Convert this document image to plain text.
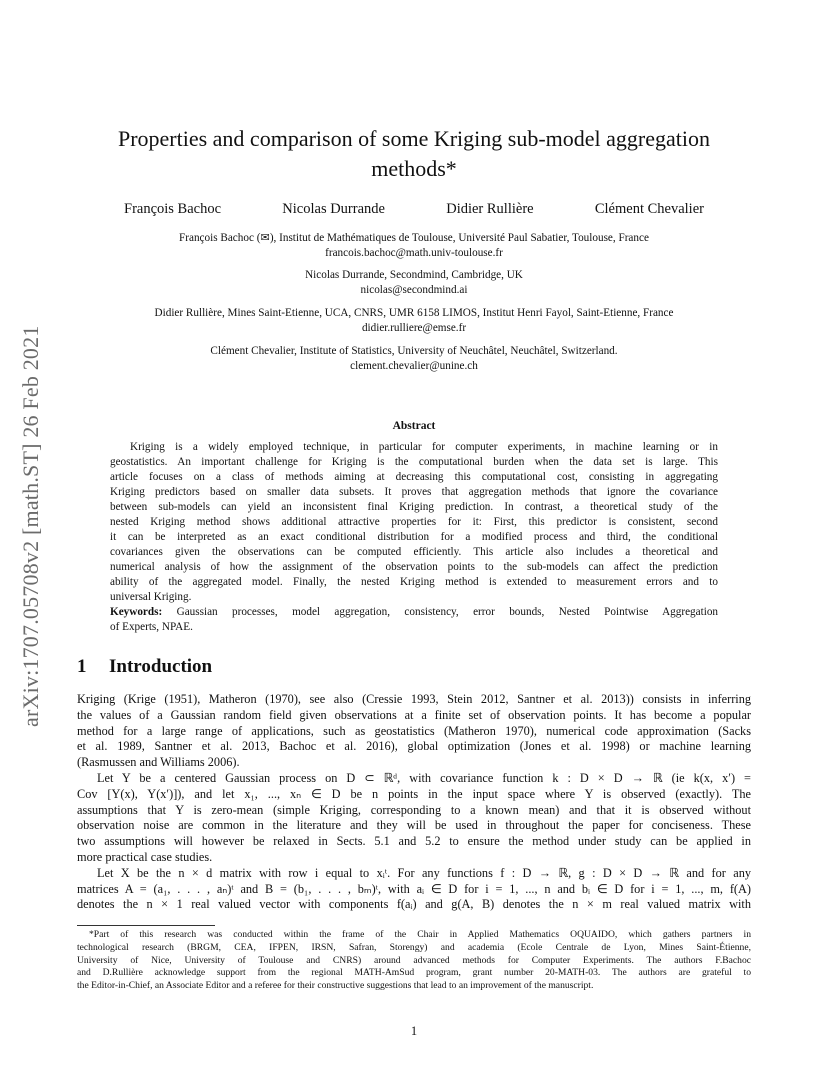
arXiv:1707.05708v2 [math.ST] 26 Feb 2021
Properties and comparison of some Kriging sub-model aggregation
methods*
François Bachoc	Nicolas Durrande	Didier Rullière	Clément Chevalier
François Bachoc (✉), Institut de Mathématiques de Toulouse, Université Paul Sabatier, Toulouse, France
francois.bachoc@math.univ-toulouse.fr
Nicolas Durrande, Secondmind, Cambridge, UK
nicolas@secondmind.ai
Didier Rullière, Mines Saint-Etienne, UCA, CNRS, UMR 6158 LIMOS, Institut Henri Fayol, Saint-Etienne, France
didier.rulliere@emse.fr
Clément Chevalier, Institute of Statistics, University of Neuchâtel, Neuchâtel, Switzerland.
clement.chevalier@unine.ch
Abstract
Kriging is a widely employed technique, in particular for computer experiments, in machine learning or in
geostatistics. An important challenge for Kriging is the computational burden when the data set is large. This
article focuses on a class of methods aiming at decreasing this computational cost, consisting in aggregating
Kriging predictors based on smaller data subsets. It proves that aggregation methods that ignore the covariance
between sub-models can yield an inconsistent final Kriging prediction. In contrast, a theoretical study of the
nested Kriging method shows additional attractive properties for it: First, this predictor is consistent, second
it can be interpreted as an exact conditional distribution for a modified process and third, the conditional
covariances given the observations can be computed efficiently. This article also includes a theoretical and
numerical analysis of how the assignment of the observation points to the sub-models can affect the prediction
ability of the aggregated model. Finally, the nested Kriging method is extended to measurement errors and to
universal Kriging.
Keywords: Gaussian processes, model aggregation, consistency, error bounds, Nested Pointwise Aggregation
of Experts, NPAE.
1 Introduction
Kriging (Krige (1951), Matheron (1970), see also (Cressie 1993, Stein 2012, Santner et al. 2013)) consists in inferring
the values of a Gaussian random field given observations at a finite set of observation points. It has become a popular
method for a large range of applications, such as geostatistics (Matheron 1970), numerical code approximation (Sacks
et al. 1989, Santner et al. 2013, Bachoc et al. 2016), global optimization (Jones et al. 1998) or machine learning
(Rasmussen and Williams 2006).
Let Y be a centered Gaussian process on D ⊂ ℝᵈ, with covariance function k : D × D → ℝ (ie k(x, x′) =
Cov [Y(x), Y(x′)]), and let x₁, ..., xₙ ∈ D be n points in the input space where Y is observed (exactly). The
assumptions that Y is zero-mean (simple Kriging, corresponding to a known mean) and that it is observed without
observation noise are common in the literature and they will be used in throughout the paper for conciseness. These
two assumptions will however be relaxed in Sects. 5.1 and 5.2 to ensure the method under study can be applied in
more practical case studies.
Let X be the n × d matrix with row i equal to xᵢᵗ. For any functions f : D → ℝ, g : D × D → ℝ and for any
matrices A = (a₁, . . . , aₙ)ᵗ and B = (b₁, . . . , bₘ)ᵗ, with aᵢ ∈ D for i = 1, ..., n and bᵢ ∈ D for i = 1, ..., m, f(A)
denotes the n × 1 real valued vector with components f(aᵢ) and g(A, B) denotes the n × m real valued matrix with
*Part of this research was conducted within the frame of the Chair in Applied Mathematics OQUAIDO, which gathers partners in
technological research (BRGM, CEA, IFPEN, IRSN, Safran, Storengy) and academia (Ecole Centrale de Lyon, Mines Saint-Étienne,
University of Nice, University of Toulouse and CNRS) around advanced methods for Computer Experiments. The authors F.Bachoc
and D.Rullière acknowledge support from the regional MATH-AmSud program, grant number 20-MATH-03. The authors are grateful to
the Editor-in-Chief, an Associate Editor and a referee for their constructive suggestions that lead to an improvement of the manuscript.
1
